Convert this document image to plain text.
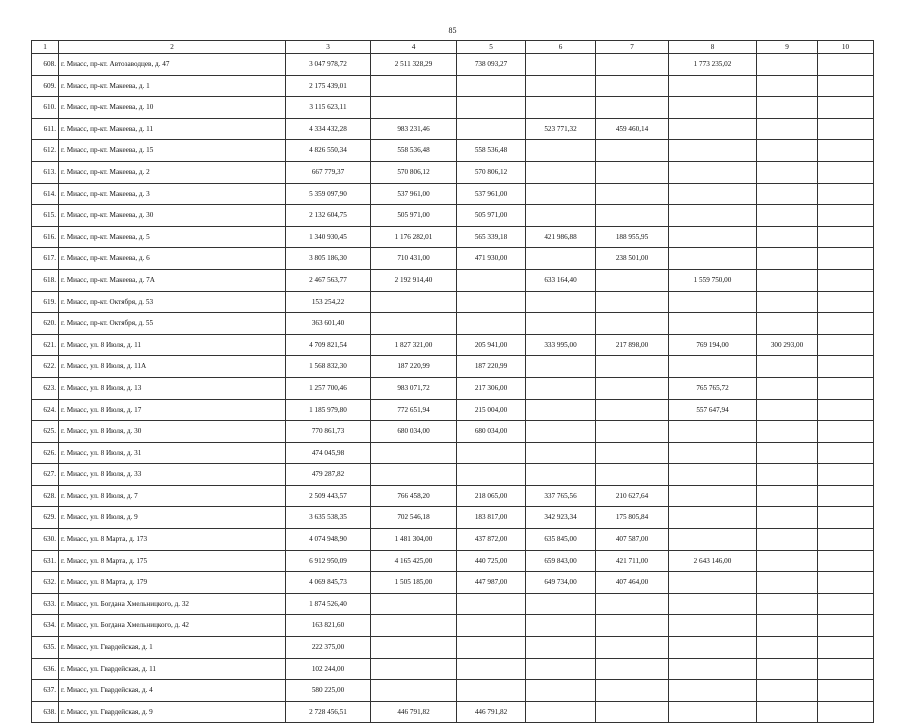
85
1	2	3	4	5	6	7	8	9	10
608.	г. Миасс, пр-кт. Автозаводцев, д. 47	3 047 978,72	2 511 328,29	738 093,27			1 773 235,02		
609.	г. Миасс, пр-кт. Макеева, д. 1	2 175 439,01							
610.	г. Миасс, пр-кт. Макеева, д. 10	3 115 623,11							
611.	г. Миасс, пр-кт. Макеева, д. 11	4 334 432,28	983 231,46		523 771,32	459 460,14			
612.	г. Миасс, пр-кт. Макеева, д. 15	4 826 550,34	558 536,48	558 536,48					
613.	г. Миасс, пр-кт. Макеева, д. 2	667 779,37	570 806,12	570 806,12					
614.	г. Миасс, пр-кт. Макеева, д. 3	5 359 097,90	537 961,00	537 961,00					
615.	г. Миасс, пр-кт. Макеева, д. 30	2 132 604,75	505 971,00	505 971,00					
616.	г. Миасс, пр-кт. Макеева, д. 5	1 340 930,45	1 176 282,01	565 339,18	421 986,88	188 955,95			
617.	г. Миасс, пр-кт. Макеева, д. 6	3 805 186,30	710 431,00	471 930,00		238 501,00			
618.	г. Миасс, пр-кт. Макеева, д. 7А	2 467 563,77	2 192 914,40		633 164,40		1 559 750,00		
619.	г. Миасс, пр-кт. Октября, д. 53	153 254,22							
620.	г. Миасс, пр-кт. Октября, д. 55	363 601,40							
621.	г. Миасс, ул. 8 Июля, д. 11	4 709 821,54	1 827 321,00	205 941,00	333 995,00	217 898,00	769 194,00	300 293,00	
622.	г. Миасс, ул. 8 Июля, д. 11А	1 568 832,30	187 220,99	187 220,99					
623.	г. Миасс, ул. 8 Июля, д. 13	1 257 700,46	983 071,72	217 306,00			765 765,72		
624.	г. Миасс, ул. 8 Июля, д. 17	1 185 979,80	772 651,94	215 004,00			557 647,94		
625.	г. Миасс, ул. 8 Июля, д. 30	770 861,73	680 034,00	680 034,00					
626.	г. Миасс, ул. 8 Июля, д. 31	474 045,98							
627.	г. Миасс, ул. 8 Июля, д. 33	479 287,82							
628.	г. Миасс, ул. 8 Июля, д. 7	2 509 443,57	766 458,20	218 065,00	337 765,56	210 627,64			
629.	г. Миасс, ул. 8 Июля, д. 9	3 635 538,35	702 546,18	183 817,00	342 923,34	175 805,84			
630.	г. Миасс, ул. 8 Марта, д. 173	4 074 948,90	1 481 304,00	437 872,00	635 845,00	407 587,00			
631.	г. Миасс, ул. 8 Марта, д. 175	6 912 950,09	4 165 425,00	440 725,00	659 843,00	421 711,00	2 643 146,00		
632.	г. Миасс, ул. 8 Марта, д. 179	4 069 845,73	1 505 185,00	447 987,00	649 734,00	407 464,00			
633.	г. Миасс, ул. Богдана Хмельницкого, д. 32	1 874 526,40							
634.	г. Миасс, ул. Богдана Хмельницкого, д. 42	163 821,60							
635.	г. Миасс, ул. Гвардейская, д. 1	222 375,00							
636.	г. Миасс, ул. Гвардейская, д. 11	102 244,00							
637.	г. Миасс, ул. Гвардейская, д. 4	580 225,00							
638.	г. Миасс, ул. Гвардейская, д. 9	2 728 456,51	446 791,82	446 791,82					
